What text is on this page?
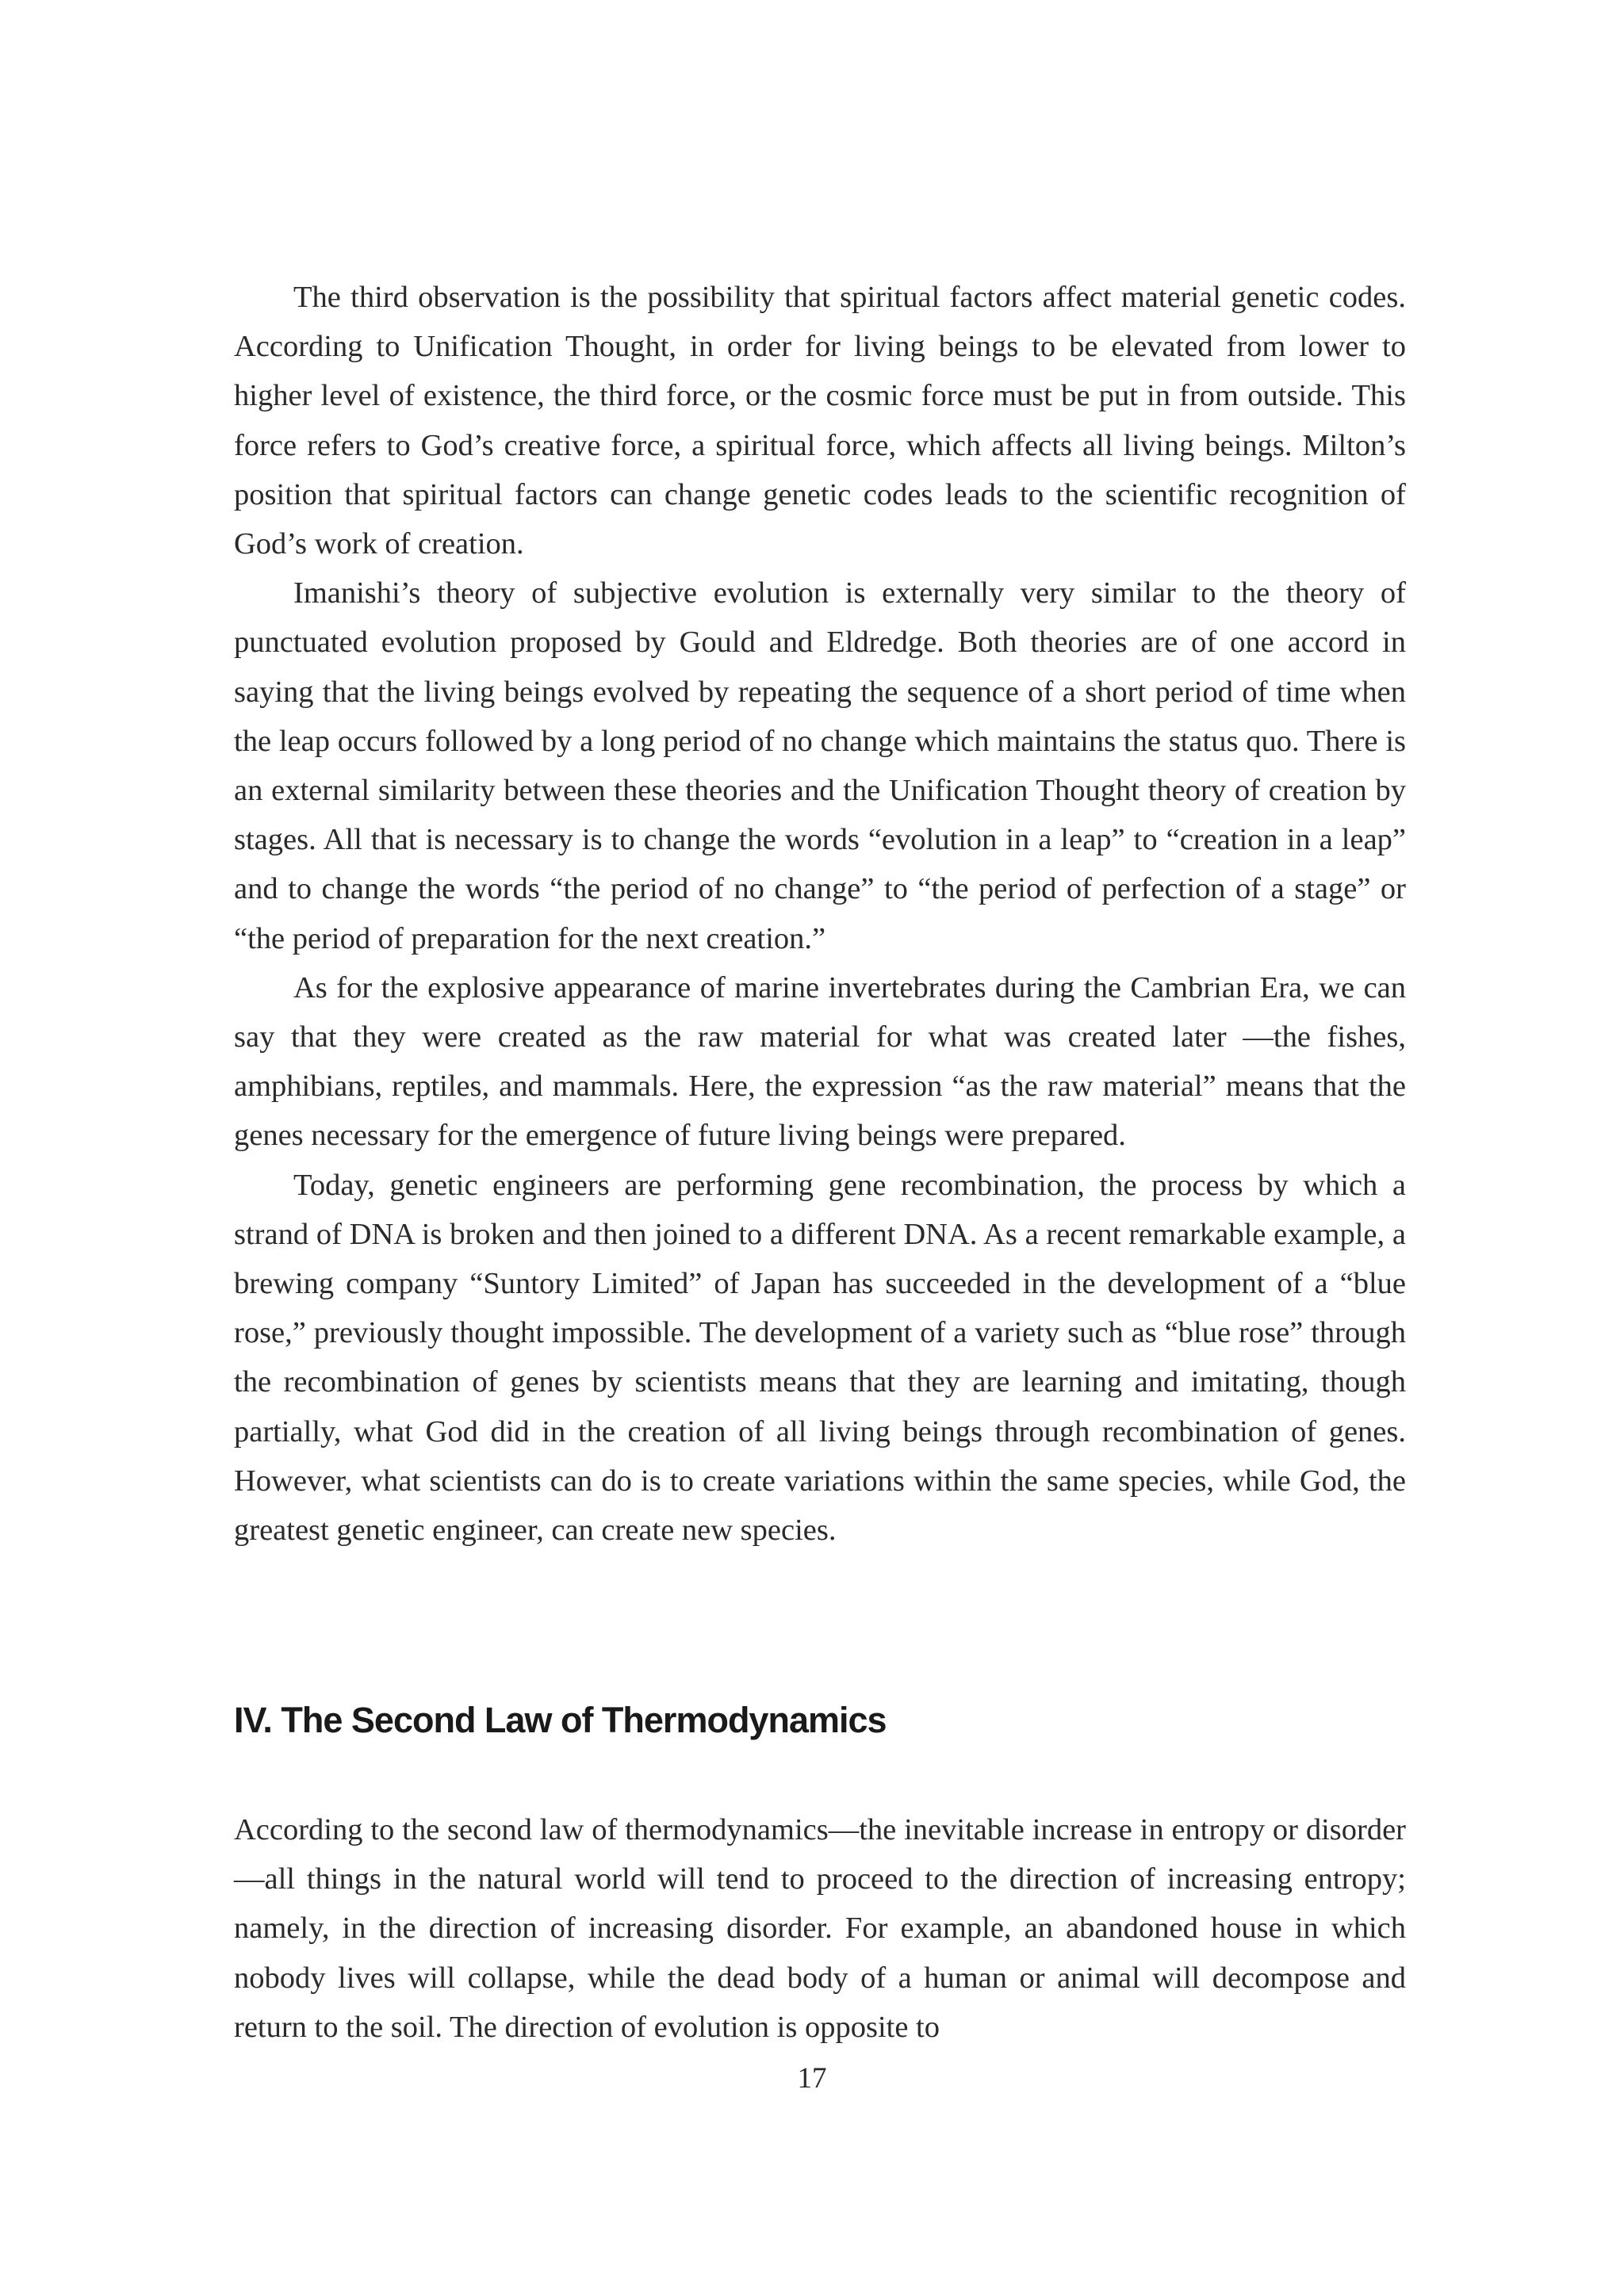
The third observation is the possibility that spiritual factors affect material genetic codes. According to Unification Thought, in order for living beings to be elevated from lower to higher level of existence, the third force, or the cosmic force must be put in from outside. This force refers to God’s creative force, a spiritual force, which affects all living beings. Milton’s position that spiritual factors can change genetic codes leads to the scientific recognition of God’s work of creation.

Imanishi’s theory of subjective evolution is externally very similar to the theory of punctuated evolution proposed by Gould and Eldredge. Both theories are of one accord in saying that the living beings evolved by repeating the sequence of a short period of time when the leap occurs followed by a long period of no change which maintains the status quo. There is an external similarity between these theories and the Unification Thought theory of creation by stages. All that is necessary is to change the words “evolution in a leap” to “creation in a leap” and to change the words “the period of no change” to “the period of perfection of a stage” or “the period of preparation for the next creation.”

As for the explosive appearance of marine invertebrates during the Cambrian Era, we can say that they were created as the raw material for what was created later —the fishes, amphibians, reptiles, and mammals. Here, the expression “as the raw material” means that the genes necessary for the emergence of future living beings were prepared.

Today, genetic engineers are performing gene recombination, the process by which a strand of DNA is broken and then joined to a different DNA. As a recent remarkable example, a brewing company “Suntory Limited” of Japan has succeeded in the development of a “blue rose,” previously thought impossible. The development of a variety such as “blue rose” through the recombination of genes by scientists means that they are learning and imitating, though partially, what God did in the creation of all living beings through recombination of genes. However, what scientists can do is to create variations within the same species, while God, the greatest genetic engineer, can create new species.

IV. The Second Law of Thermodynamics

According to the second law of thermodynamics—the inevitable increase in entropy or disorder—all things in the natural world will tend to proceed to the direction of increasing entropy; namely, in the direction of increasing disorder. For example, an abandoned house in which nobody lives will collapse, while the dead body of a human or animal will decompose and return to the soil. The direction of evolution is opposite to

17
